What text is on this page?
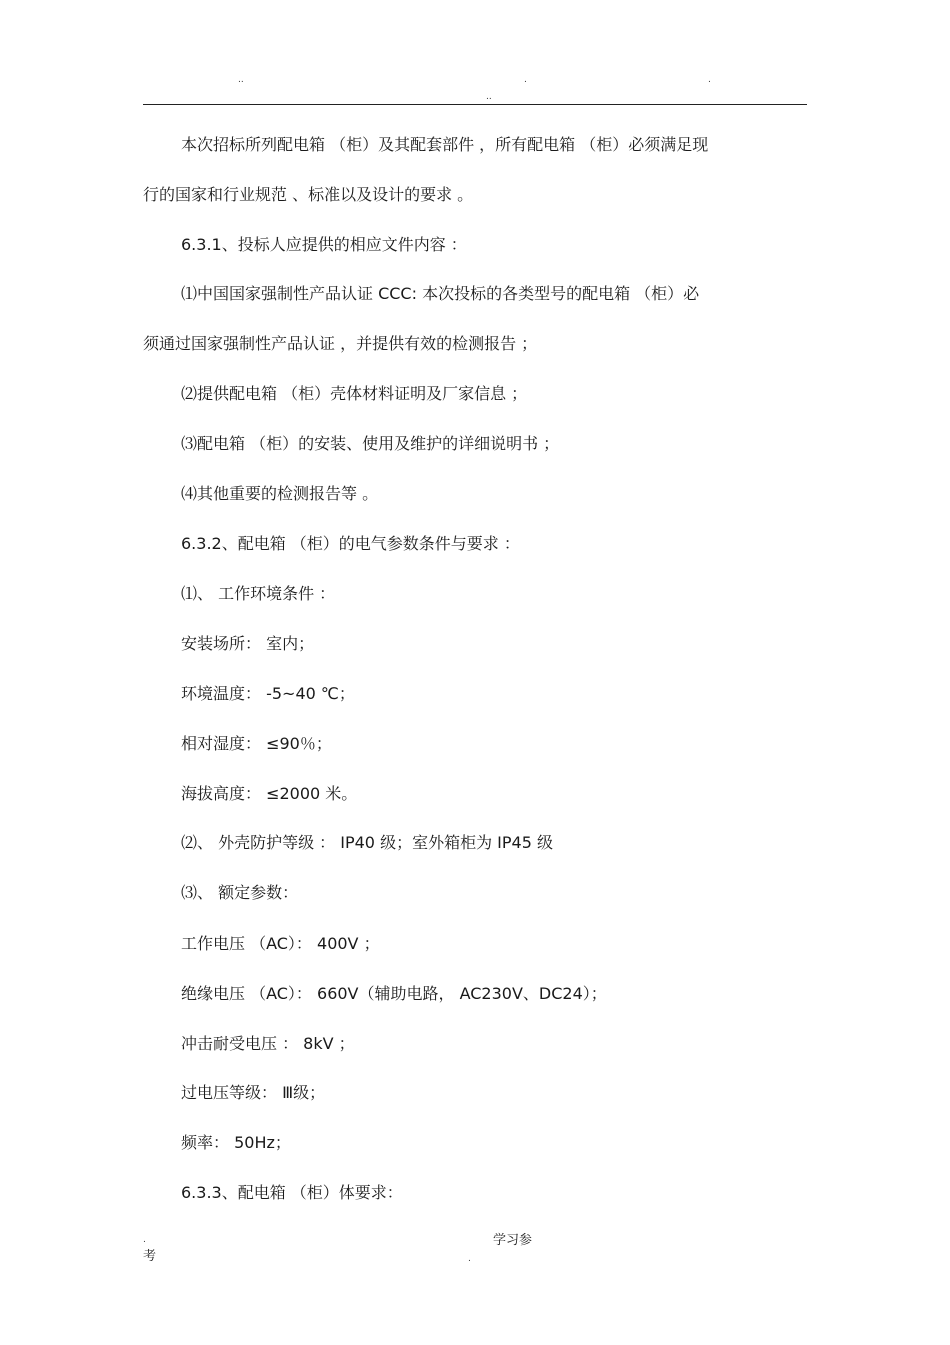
..	.	.
..
本次招标所列配电箱 （柜）及其配套部件 ，所有配电箱 （柜）必须满足现
行的国家和行业规范 、标准以及设计的要求 。
6.3.1、投标人应提供的相应文件内容 ：
⑴中国国家强制性产品认证 CCC: 本次投标的各类型号的配电箱 （柜）必
须通过国家强制性产品认证 ，并提供有效的检测报告 ；
⑵提供配电箱 （柜）壳体材料证明及厂家信息 ；
⑶配电箱 （柜）的安装、使用及维护的详细说明书 ；
⑷其他重要的检测报告等 。
6.3.2、配电箱 （柜）的电气参数条件与要求 ：
⑴、 工作环境条件 ：
安装场所： 室内；
环境温度： -5~40 ℃；
相对湿度： ≤90％；
海拔高度： ≤2000 米。
⑵、 外壳防护等级 ： IP40 级；室外箱柜为 IP45 级
⑶、 额定参数：
工作电压 （AC）： 400V ；
绝缘电压 （AC）： 660V（辅助电路， AC230V、DC24）；
冲击耐受电压 ： 8kV ；
过电压等级： Ⅲ级；
频率： 50Hz；
6.3.3、配电箱 （柜）体要求：
.	学习参
考	.
